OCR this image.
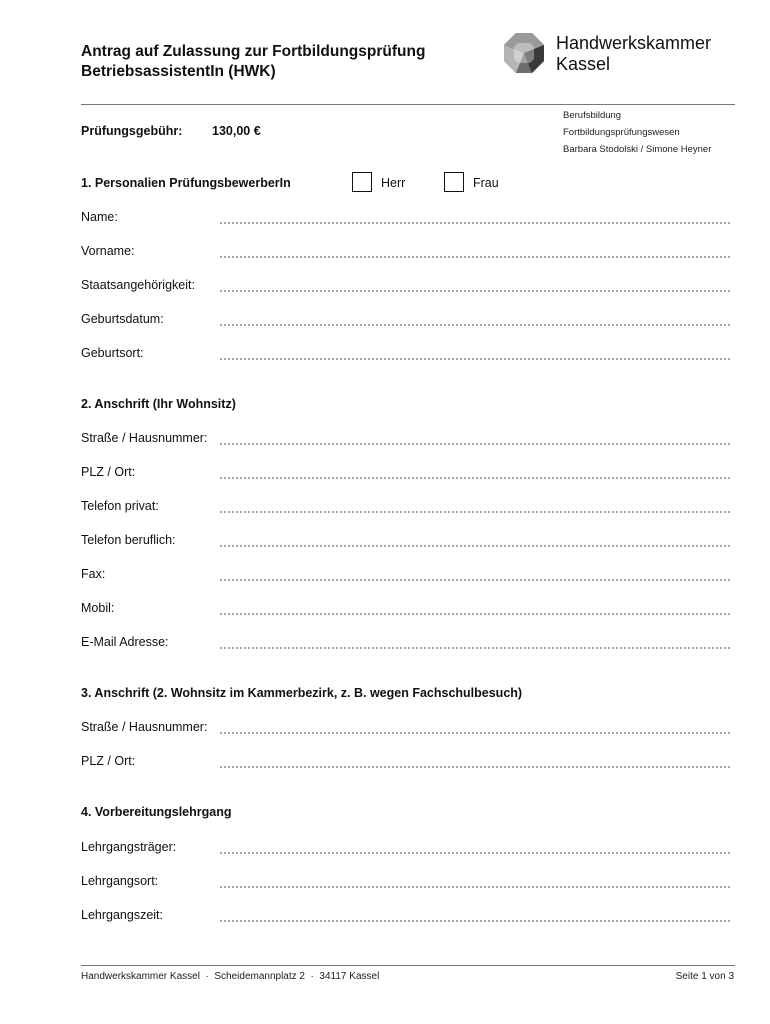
Antrag auf Zulassung zur Fortbildungsprüfung
BetriebsassistentIn (HWK)
Handwerkskammer
Kassel
Prüfungsgebühr: 130,00 €
Berufsbildung
Fortbildungsprüfungswesen
Barbara Stodolski / Simone Heyner
1. Personalien PrüfungsbewerberIn	Herr	Frau
Name:
Vorname:
Staatsangehörigkeit:
Geburtsdatum:
Geburtsort:
2. Anschrift (Ihr Wohnsitz)
Straße / Hausnummer:
PLZ / Ort:
Telefon privat:
Telefon beruflich:
Fax:
Mobil:
E-Mail Adresse:
3. Anschrift (2. Wohnsitz im Kammerbezirk, z. B. wegen Fachschulbesuch)
Straße / Hausnummer:
PLZ / Ort:
4. Vorbereitungslehrgang
Lehrgangsträger:
Lehrgangsort:
Lehrgangszeit:
Handwerkskammer Kassel  ·  Scheidemannplatz 2  ·  34117 Kassel	Seite 1 von 3
